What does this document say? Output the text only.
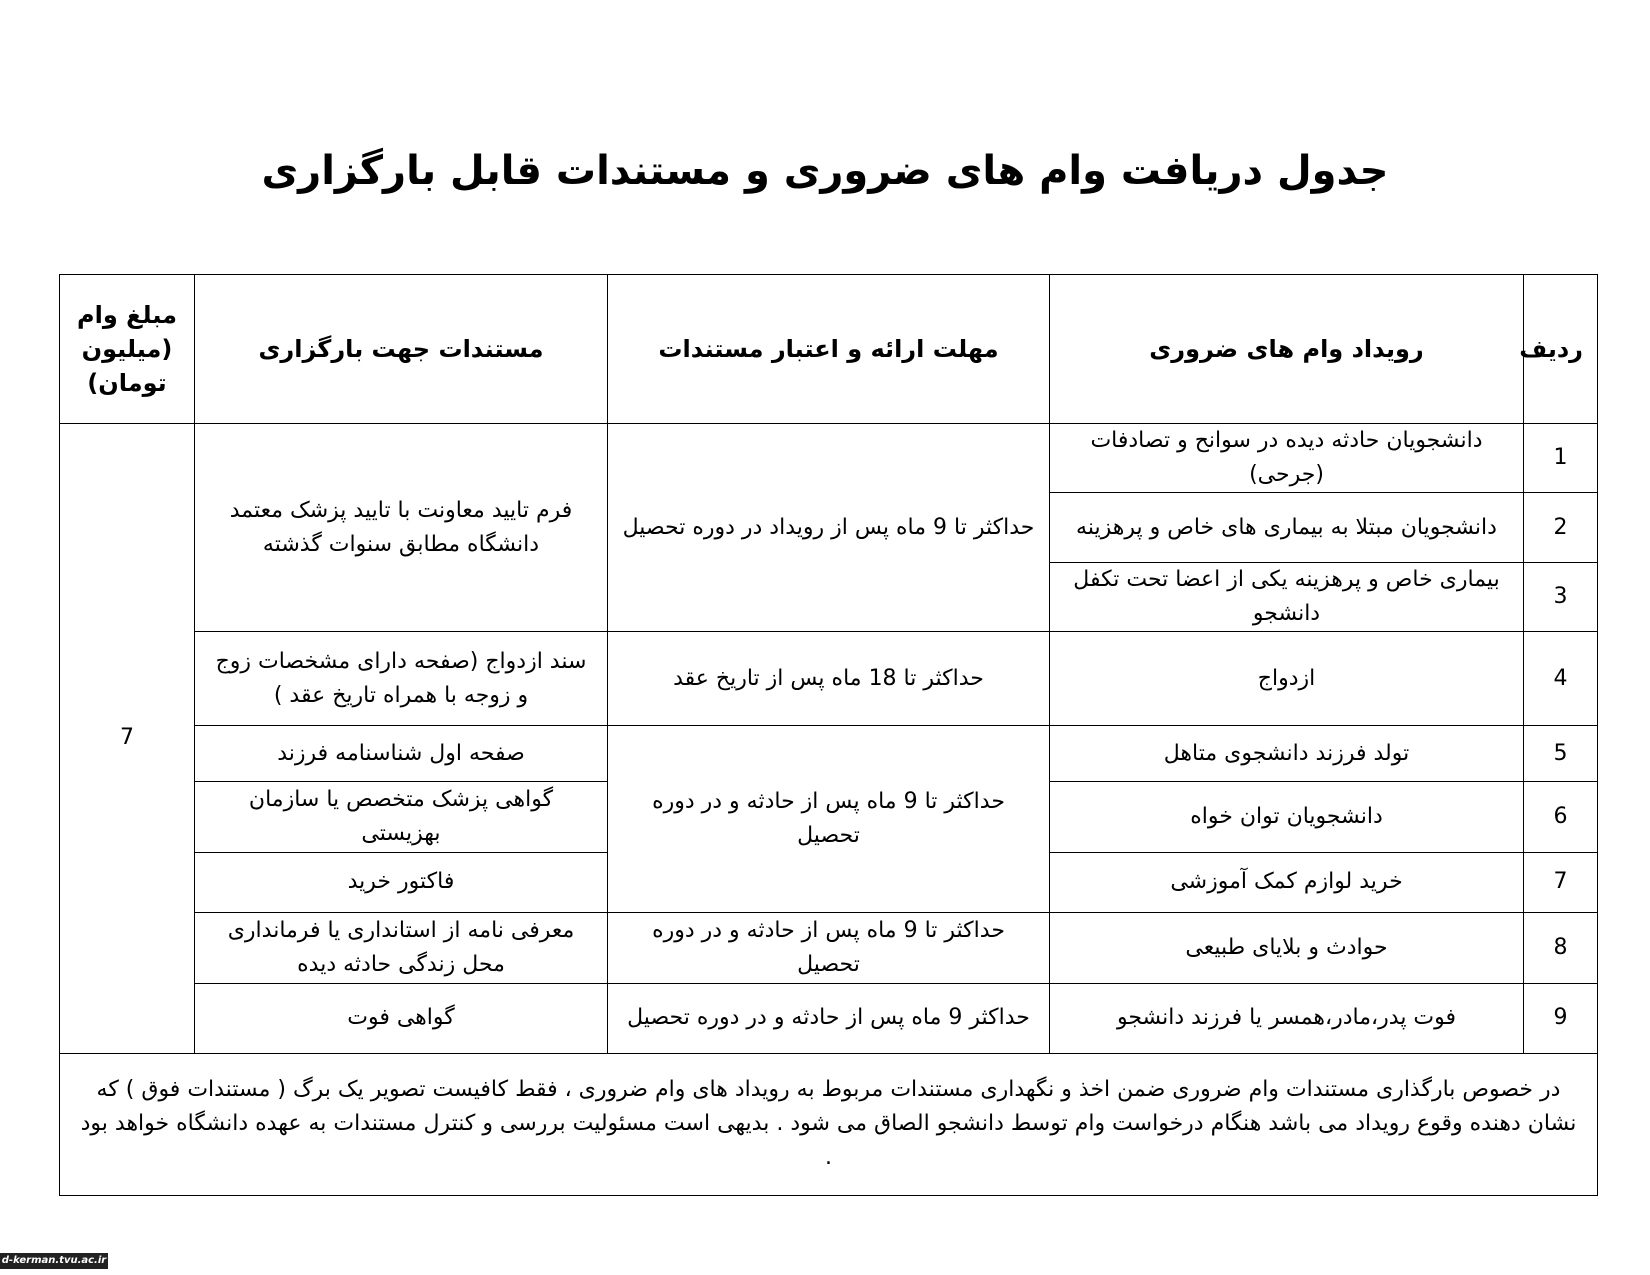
جدول دریافت وام های ضروری و مستندات قابل بارگزاری
ردیف	رویداد وام های ضروری	مهلت ارائه و اعتبار مستندات	مستندات جهت بارگزاری	مبلغ وام (میلیون تومان)
1	دانشجویان حادثه دیده در سوانح و تصادفات (جرحی)	حداکثر تا 9 ماه پس از رویداد در دوره تحصیل	فرم تایید معاونت با تایید پزشک معتمد دانشگاه مطابق سنوات گذشته	7
2	دانشجویان مبتلا به بیماری های خاص و پرهزینه			
3	بیماری خاص و پرهزینه یکی از اعضا تحت تکفل دانشجو			
4	ازدواج	حداکثر تا 18 ماه پس از تاریخ عقد	سند ازدواج (صفحه دارای مشخصات زوج و زوجه با همراه تاریخ عقد )	
5	تولد فرزند دانشجوی متاهل	حداکثر تا 9 ماه پس از حادثه و در دوره تحصیل	صفحه اول شناسنامه فرزند	
6	دانشجویان توان خواه		گواهی پزشک متخصص یا سازمان بهزیستی	
7	خرید لوازم کمک آموزشی		فاکتور خرید	
8	حوادث و بلایای طبیعی	حداکثر تا 9 ماه پس از حادثه و در دوره تحصیل	معرفی نامه از استانداری یا فرمانداری محل زندگی حادثه دیده	
9	فوت پدر،مادر،همسر یا فرزند دانشجو	حداکثر 9 ماه پس از حادثه و در دوره تحصیل	گواهی فوت	
در خصوص بارگذاری مستندات وام ضروری ضمن اخذ و نگهداری مستندات مربوط به رویداد های وام ضروری ، فقط کافیست تصویر یک برگ ( مستندات فوق ) که نشان دهنده وقوع رویداد می باشد هنگام درخواست وام توسط دانشجو الصاق می شود . بدیهی است مسئولیت بررسی و کنترل مستندات به عهده دانشگاه خواهد بود .				
d-kerman.tvu.ac.ir
